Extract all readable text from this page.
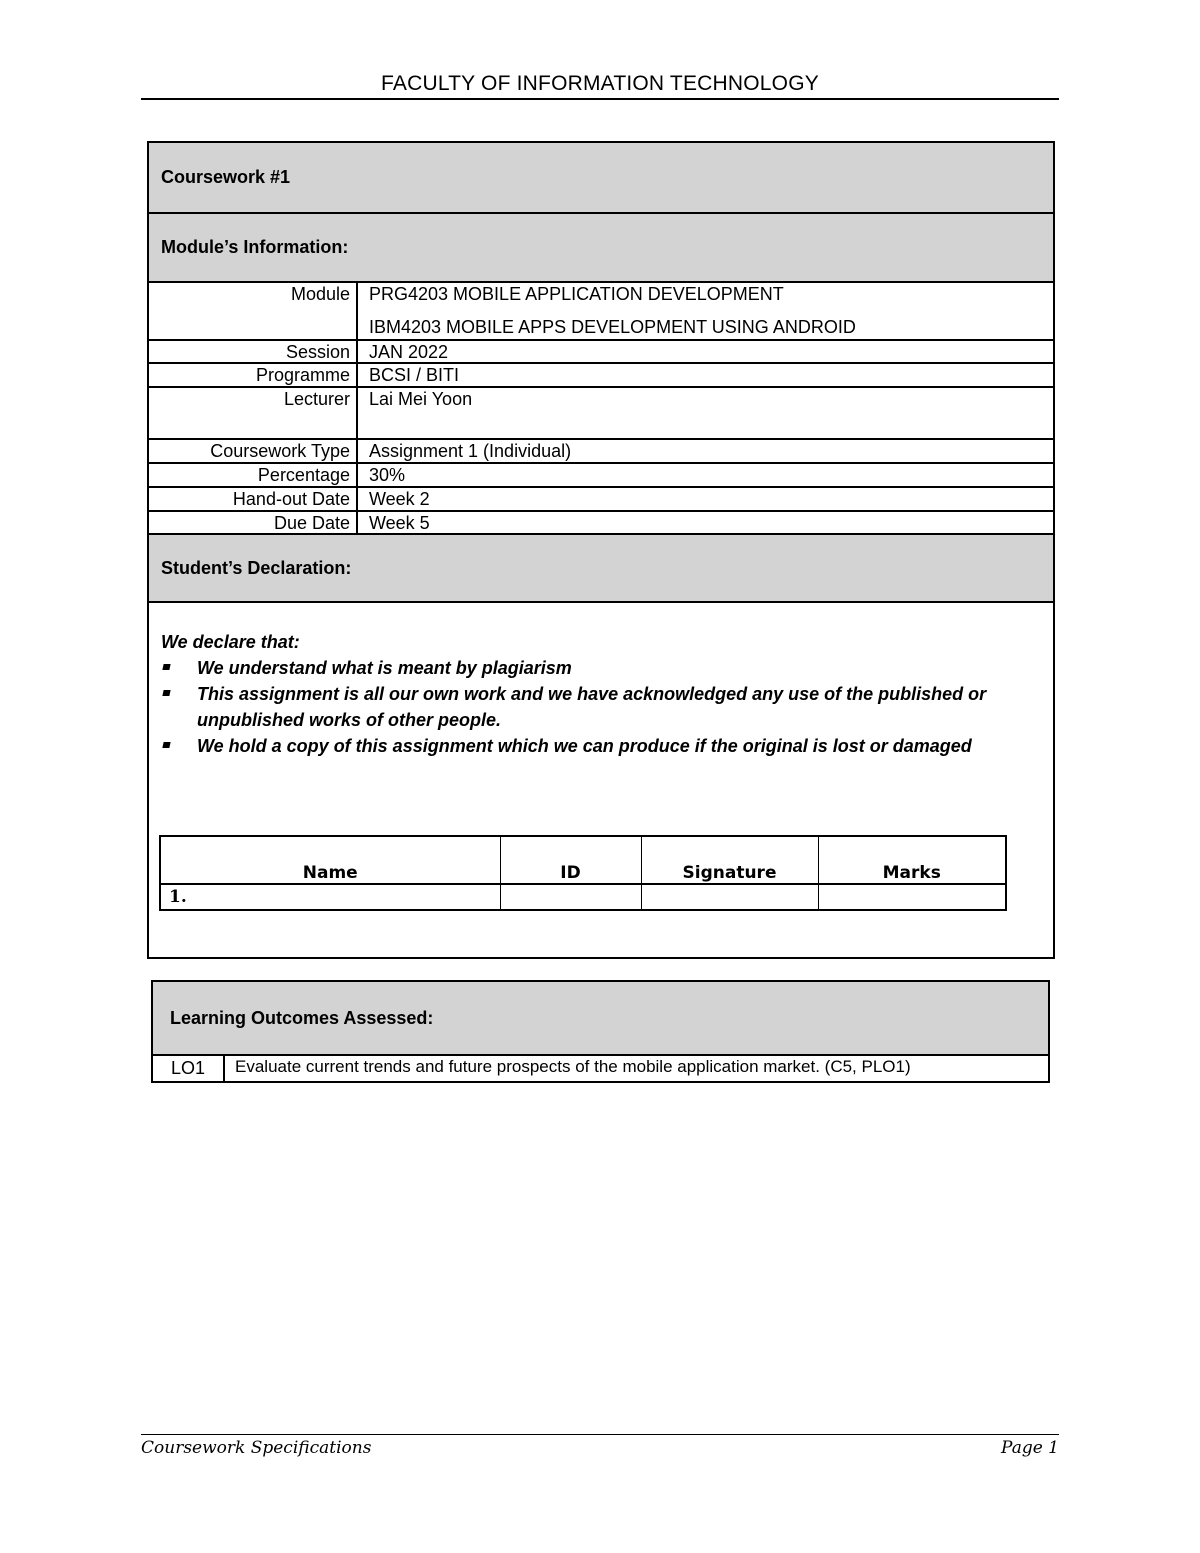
FACULTY OF INFORMATION TECHNOLOGY
Coursework #1
Module’s Information:
Module PRG4203 MOBILE APPLICATION DEVELOPMENT
IBM4203 MOBILE APPS DEVELOPMENT USING ANDROID
Session JAN 2022
Programme BCSI / BITI
Lecturer Lai Mei Yoon
Coursework Type Assignment 1 (Individual)
Percentage 30%
Hand-out Date Week 2
Due Date Week 5
Student’s Declaration:
We declare that:
We understand what is meant by plagiarism
This assignment is all our own work and we have acknowledged any use of the published or unpublished works of other people.
We hold a copy of this assignment which we can produce if the original is lost or damaged
Name	ID	Signature	Marks
1.			
Learning Outcomes Assessed:
LO1	Evaluate current trends and future prospects of the mobile application market. (C5, PLO1)
Coursework Specifications	Page 1
